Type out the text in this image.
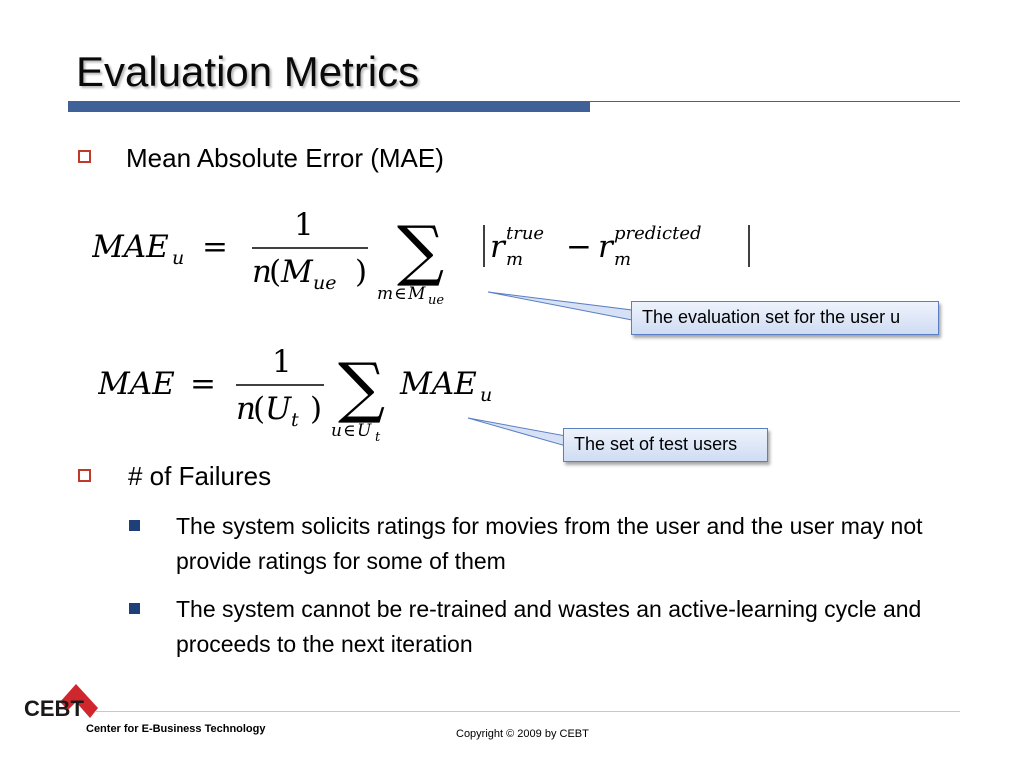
Evaluation Metrics
Mean Absolute Error (MAE)
MAE u =
1
n
( M ue ) ∑
m ∈ M ue
r true
m − r predicted
m
The evaluation set for the user u
MAE =
1
n
( U t ) ∑
u ∈ U t
MAE u
The set of test users
# of Failures
The system solicits ratings for movies from the user and the user may not provide ratings for some of them
The system cannot be re-trained and wastes an active-learning cycle and proceeds to the next iteration
CEBT
Center for E-Business Technology	Copyright © 2009 by CEBT
